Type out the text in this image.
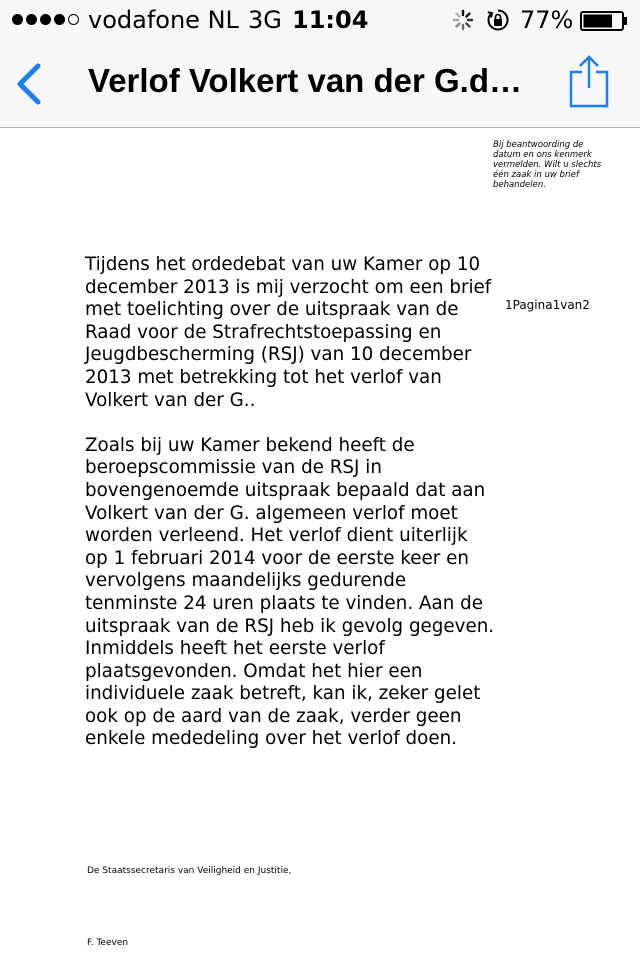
vodafone NL 3G 11:04	77%
Verlof Volkert van der G.d…
Bij beantwoording de datum en ons kenmerk vermelden. Wilt u slechts één zaak in uw brief behandelen.
1Pagina1van2

Tijdens het ordedebat van uw Kamer op 10 december 2013 is mij verzocht om een brief met toelichting over de uitspraak van de Raad voor de Strafrechtstoepassing en Jeugdbescherming (RSJ) van 10 december 2013 met betrekking tot het verlof van Volkert van der G..

Zoals bij uw Kamer bekend heeft de beroepscommissie van de RSJ in bovengenoemde uitspraak bepaald dat aan Volkert van der G. algemeen verlof moet worden verleend. Het verlof dient uiterlijk op 1 februari 2014 voor de eerste keer en vervolgens maandelijks gedurende tenminste 24 uren plaats te vinden. Aan de uitspraak van de RSJ heb ik gevolg gegeven. Inmiddels heeft het eerste verlof plaatsgevonden. Omdat het hier een individuele zaak betreft, kan ik, zeker gelet ook op de aard van de zaak, verder geen enkele mededeling over het verlof doen.

De Staatssecretaris van Veiligheid en Justitie,
F. Teeven
